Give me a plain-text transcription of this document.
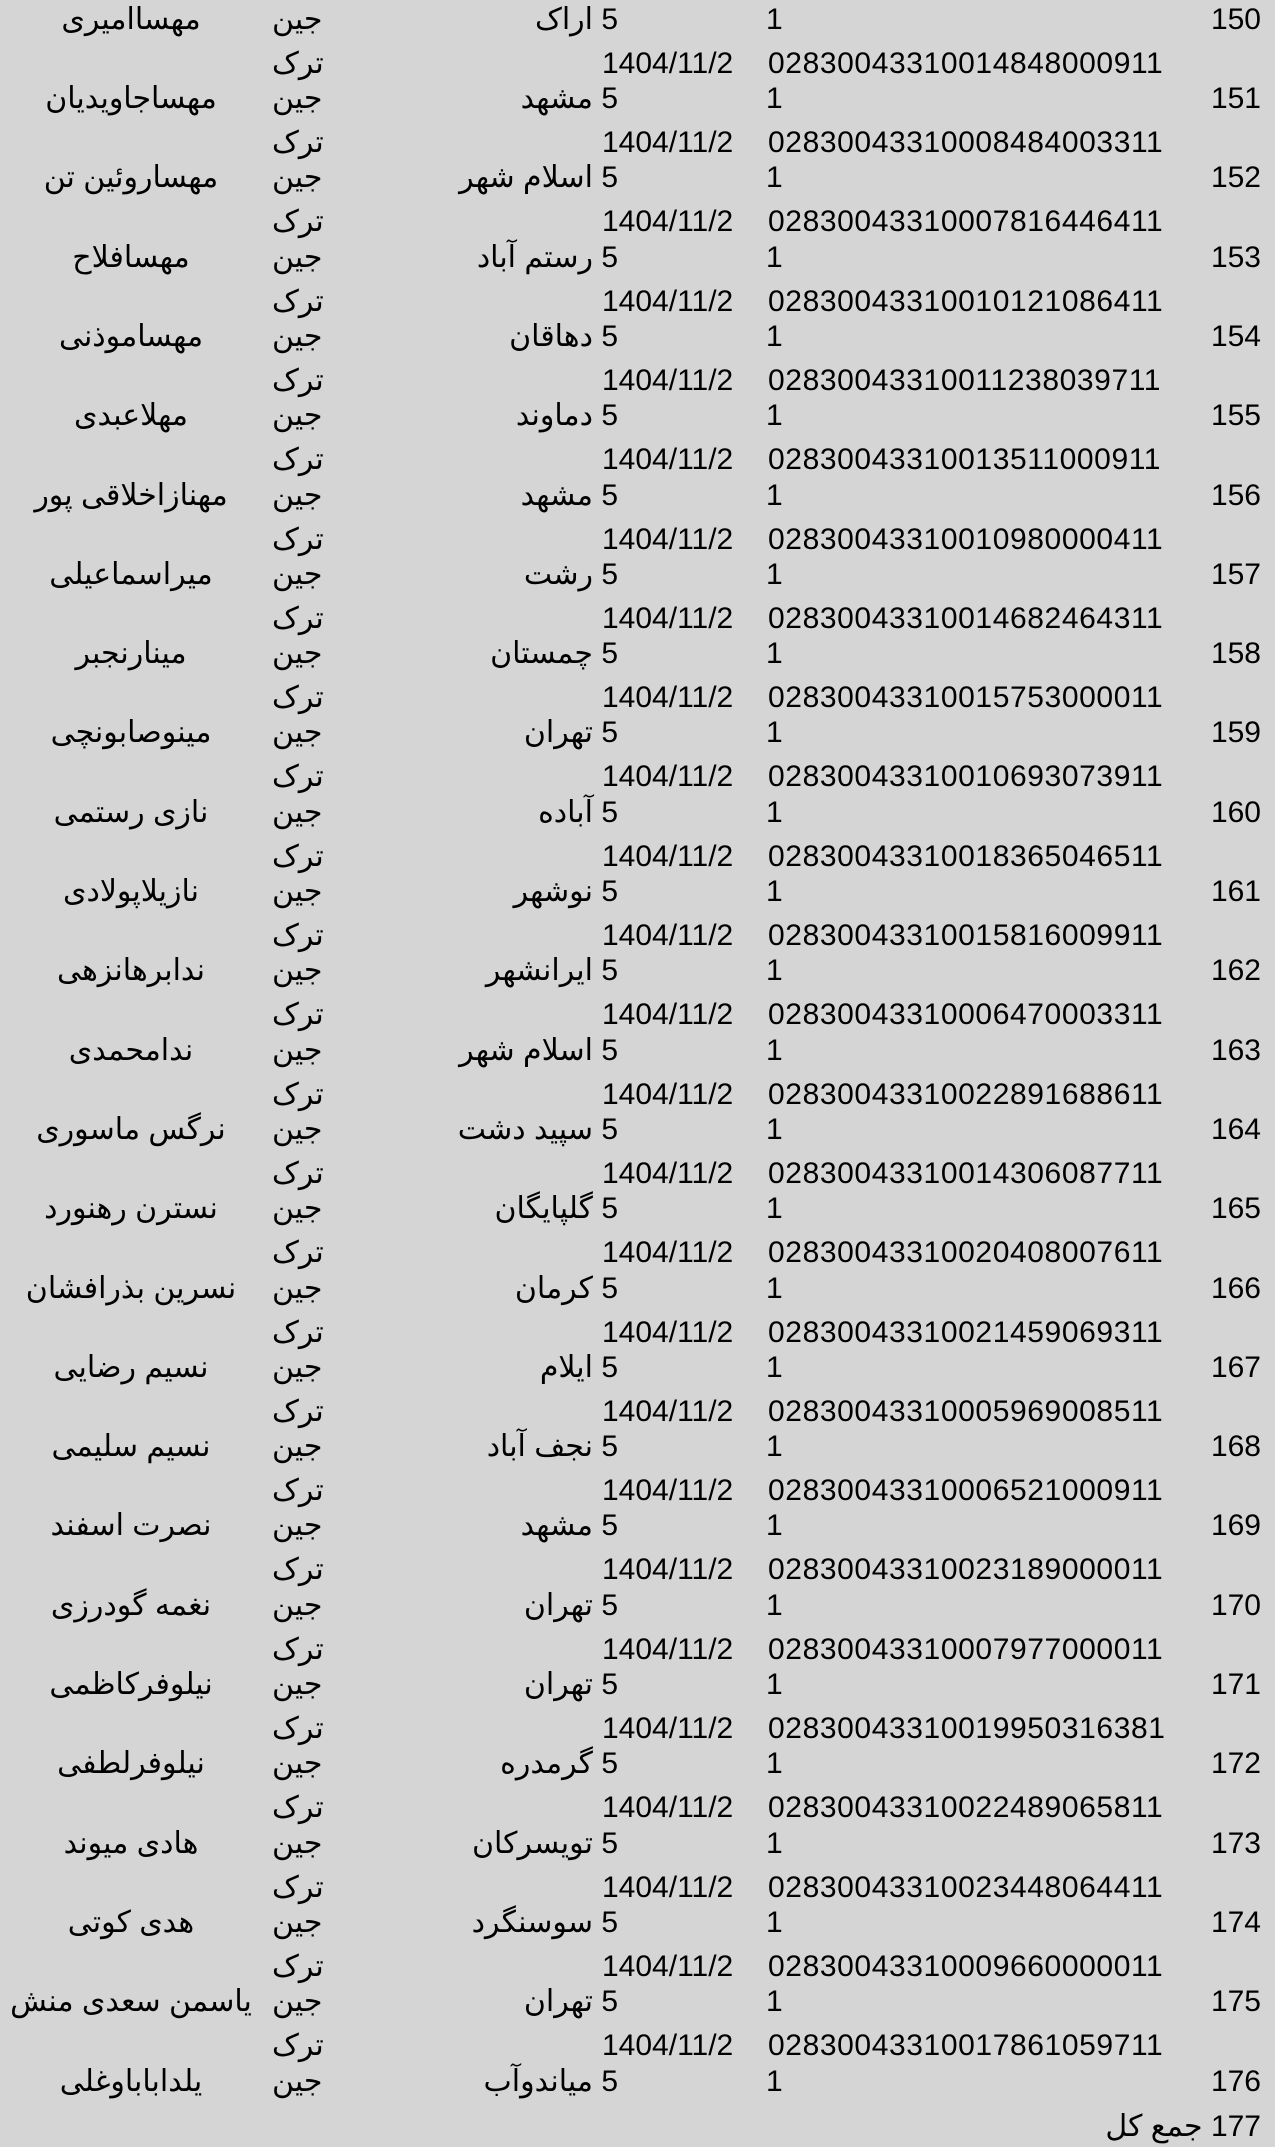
150
1
5 اراک
جین
مهساامیری
02830043310014848000911
1404/11/2
ترک
151
1
5 مشهد
جین
مهساجاویدیان
02830043310008484003311
1404/11/2
ترک
152
1
5 اسلام شهر
جین
مهساروئین تن
02830043310007816446411
1404/11/2
ترک
153
1
5 رستم آباد
جین
مهسافلاح
02830043310010121086411
1404/11/2
ترک
154
1
5 دهاقان
جین
مهساموذنی
02830043310011238039711
1404/11/2
ترک
155
1
5 دماوند
جین
مهلاعبدی
02830043310013511000911
1404/11/2
ترک
156
1
5 مشهد
جین
مهنازاخلاقی پور
02830043310010980000411
1404/11/2
ترک
157
1
5 رشت
جین
میراسماعیلی
02830043310014682464311
1404/11/2
ترک
158
1
5 چمستان
جین
مینارنجبر
02830043310015753000011
1404/11/2
ترک
159
1
5 تهران
جین
مینوصابونچی
02830043310010693073911
1404/11/2
ترک
160
1
5 آباده
جین
نازی رستمی
02830043310018365046511
1404/11/2
ترک
161
1
5 نوشهر
جین
نازیلاپولادی
02830043310015816009911
1404/11/2
ترک
162
1
5 ایرانشهر
جین
ندابرهانزهی
02830043310006470003311
1404/11/2
ترک
163
1
5 اسلام شهر
جین
ندامحمدی
02830043310022891688611
1404/11/2
ترک
164
1
5 سپید دشت
جین
نرگس ماسوری
02830043310014306087711
1404/11/2
ترک
165
1
5 گلپایگان
جین
نسترن رهنورد
02830043310020408007611
1404/11/2
ترک
166
1
5 کرمان
جین
نسرین بذرافشان
02830043310021459069311
1404/11/2
ترک
167
1
5 ایلام
جین
نسیم رضایی
02830043310005969008511
1404/11/2
ترک
168
1
5 نجف آباد
جین
نسیم سلیمی
02830043310006521000911
1404/11/2
ترک
169
1
5 مشهد
جین
نصرت اسفند
02830043310023189000011
1404/11/2
ترک
170
1
5 تهران
جین
نغمه گودرزی
02830043310007977000011
1404/11/2
ترک
171
1
5 تهران
جین
نیلوفرکاظمی
02830043310019950316381
1404/11/2
ترک
172
1
5 گرمدره
جین
نیلوفرلطفی
02830043310022489065811
1404/11/2
ترک
173
1
5 تویسرکان
جین
هادی میوند
02830043310023448064411
1404/11/2
ترک
174
1
5 سوسنگرد
جین
هدی کوتی
02830043310009660000011
1404/11/2
ترک
175
1
5 تهران
جین
یاسمن سعدی منش
02830043310017861059711
1404/11/2
ترک
176
1
5 میاندوآب
جین
یلداباباوغلی
177 جمع کل
